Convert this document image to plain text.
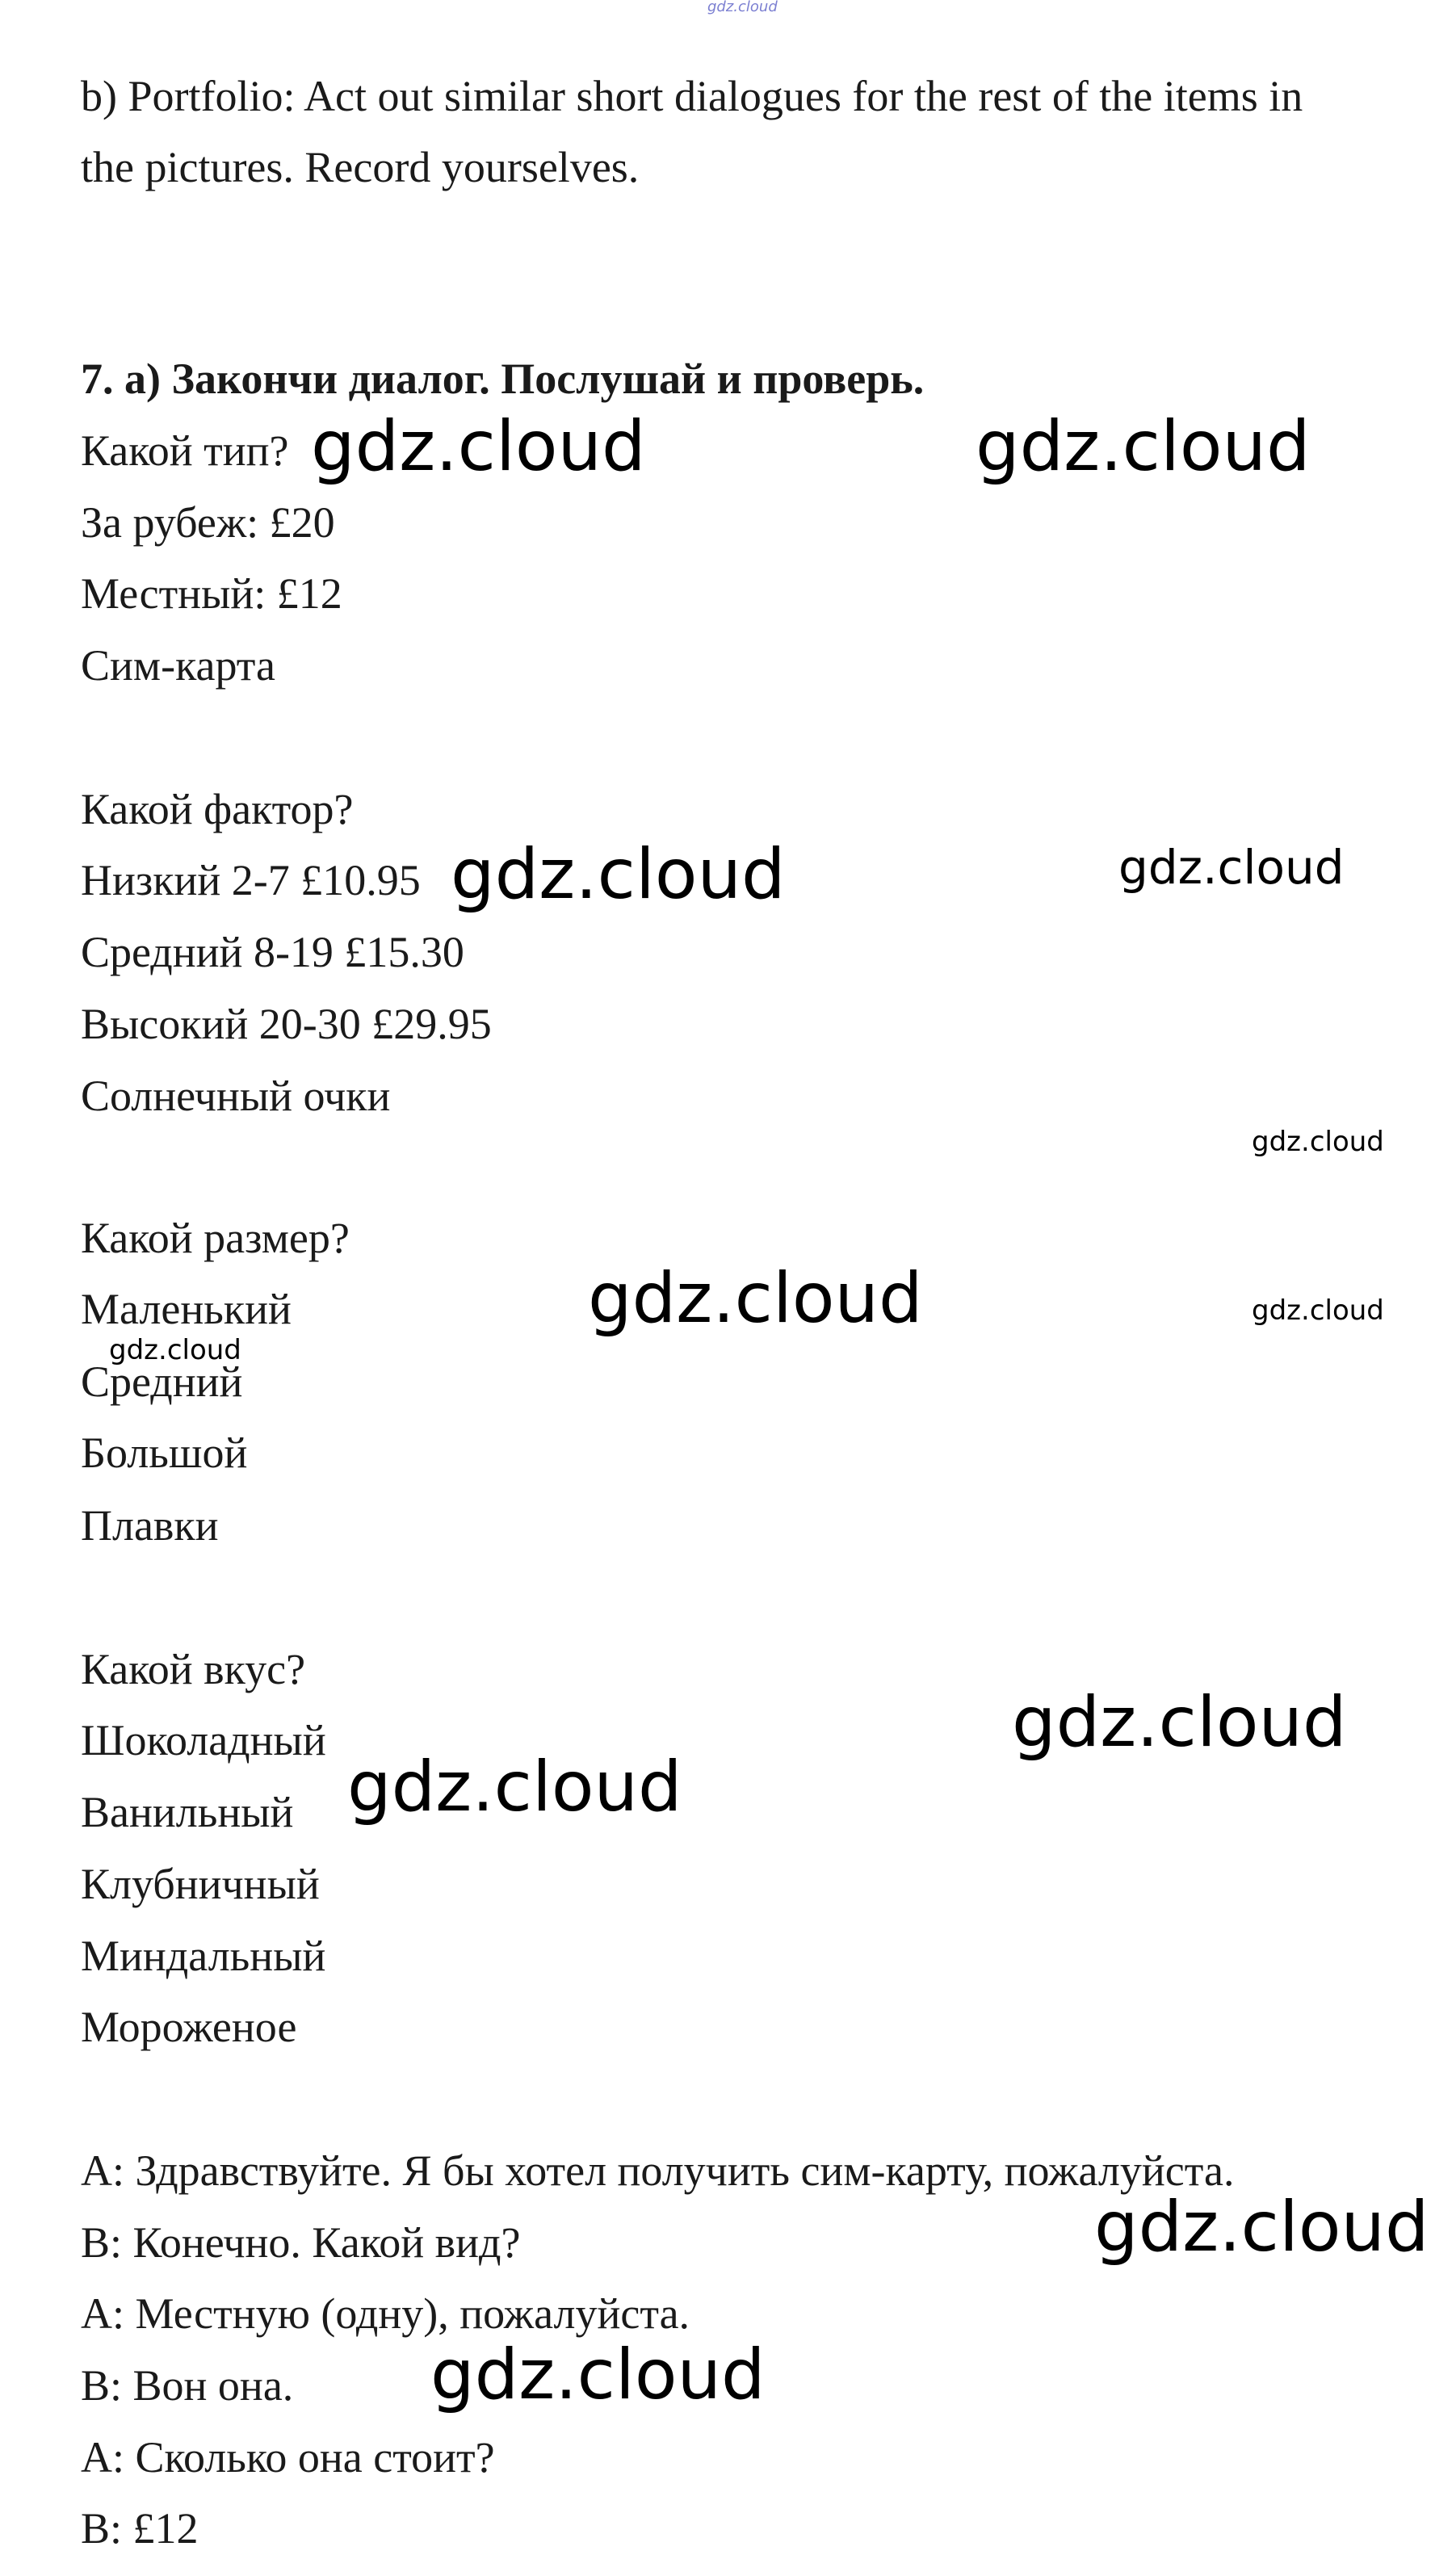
gdz.cloud
b) Portfolio: Act out similar short dialogues for the rest of the items in
the pictures. Record yourselves.
7. a) Закончи диалог. Послушай и проверь.
Какой тип?
За рубеж: £20
Местный: £12
Сим-карта
Какой фактор?
Низкий 2-7 £10.95
Средний 8-19 £15.30
Высокий 20-30 £29.95
Солнечный очки
Какой размер?
Маленький
Средний
Большой
Плавки
Какой вкус?
Шоколадный
Ванильный
Клубничный
Миндальный
Мороженое
A: Здравствуйте. Я бы хотел получить сим-карту, пожалуйста.
B: Конечно. Какой вид?
A: Местную (одну), пожалуйста.
B: Вон она.
A: Сколько она стоит?
B: £12
gdz.cloud	gdz.cloud
gdz.cloud	gdz.cloud
gdz.cloud
gdz.cloud	gdz.cloud
gdz.cloud
gdz.cloud
gdz.cloud
gdz.cloud
gdz.cloud
